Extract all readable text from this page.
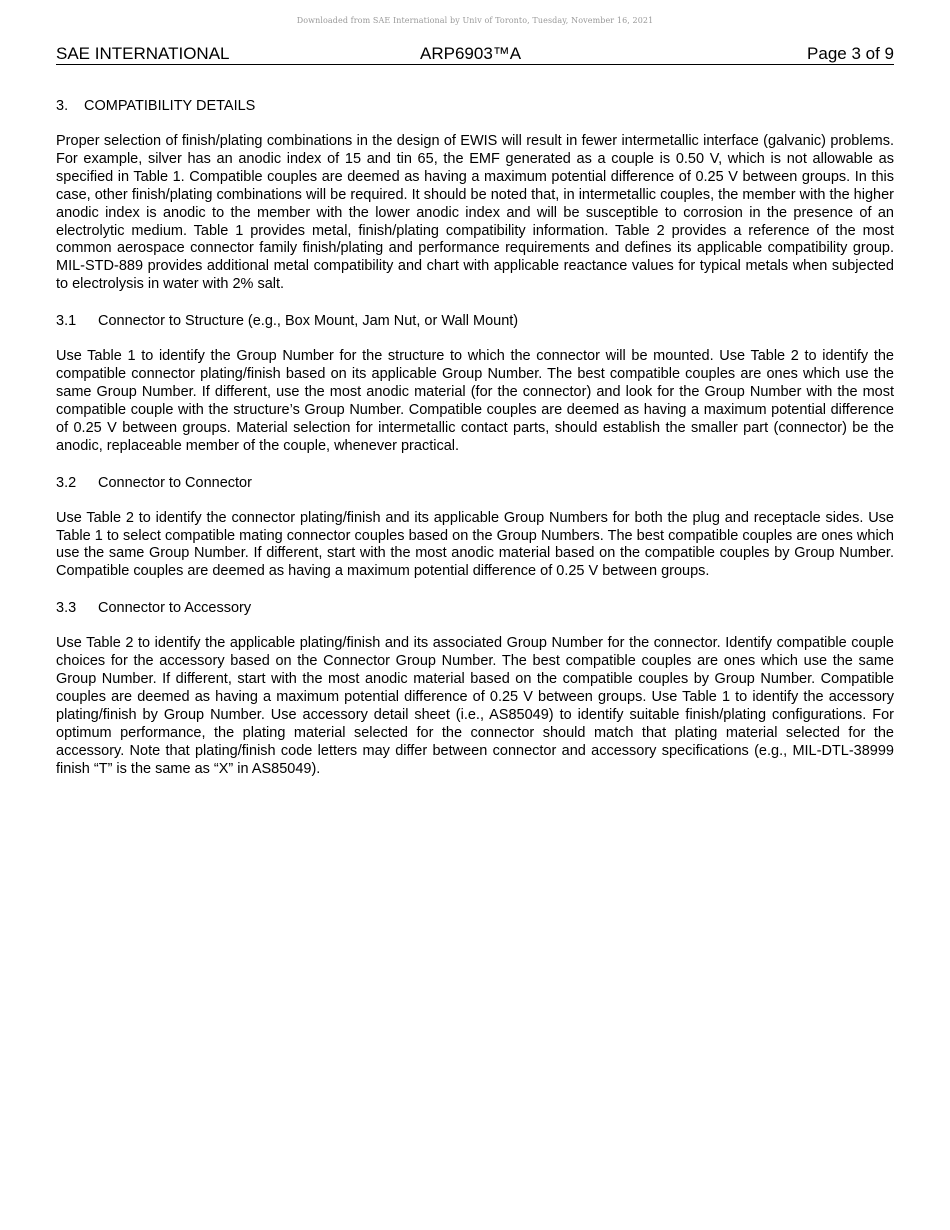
Downloaded from SAE International by Univ of Toronto, Tuesday, November 16, 2021
SAE INTERNATIONAL	ARP6903™A	Page 3 of 9
3.	COMPATIBILITY DETAILS

Proper selection of finish/plating combinations in the design of EWIS will result in fewer intermetallic interface (galvanic) problems. For example, silver has an anodic index of 15 and tin 65, the EMF generated as a couple is 0.50 V, which is not allowable as specified in Table 1. Compatible couples are deemed as having a maximum potential difference of 0.25 V between groups. In this case, other finish/plating combinations will be required. It should be noted that, in intermetallic couples, the member with the higher anodic index is anodic to the member with the lower anodic index and will be susceptible to corrosion in the presence of an electrolytic medium. Table 1 provides metal, finish/plating compatibility information. Table 2 provides a reference of the most common aerospace connector family finish/plating and performance requirements and defines its applicable compatibility group. MIL-STD-889 provides additional metal compatibility and chart with applicable reactance values for typical metals when subjected to electrolysis in water with 2% salt.

3.1	Connector to Structure (e.g., Box Mount, Jam Nut, or Wall Mount)

Use Table 1 to identify the Group Number for the structure to which the connector will be mounted. Use Table 2 to identify the compatible connector plating/finish based on its applicable Group Number. The best compatible couples are ones which use the same Group Number. If different, use the most anodic material (for the connector) and look for the Group Number with the most compatible couple with the structure’s Group Number. Compatible couples are deemed as having a maximum potential difference of 0.25 V between groups. Material selection for intermetallic contact parts, should establish the smaller part (connector) be the anodic, replaceable member of the couple, whenever practical.

3.2	Connector to Connector

Use Table 2 to identify the connector plating/finish and its applicable Group Numbers for both the plug and receptacle sides. Use Table 1 to select compatible mating connector couples based on the Group Numbers. The best compatible couples are ones which use the same Group Number. If different, start with the most anodic material based on the compatible couples by Group Number. Compatible couples are deemed as having a maximum potential difference of 0.25 V between groups.

3.3	Connector to Accessory

Use Table 2 to identify the applicable plating/finish and its associated Group Number for the connector. Identify compatible couple choices for the accessory based on the Connector Group Number. The best compatible couples are ones which use the same Group Number. If different, start with the most anodic material based on the compatible couples by Group Number. Compatible couples are deemed as having a maximum potential difference of 0.25 V between groups. Use Table 1 to identify the accessory plating/finish by Group Number. Use accessory detail sheet (i.e., AS85049) to identify suitable finish/plating configurations. For optimum performance, the plating material selected for the connector should match that plating material selected for the accessory. Note that plating/finish code letters may differ between connector and accessory specifications (e.g., MIL-DTL-38999 finish “T” is the same as “X” in AS85049).
